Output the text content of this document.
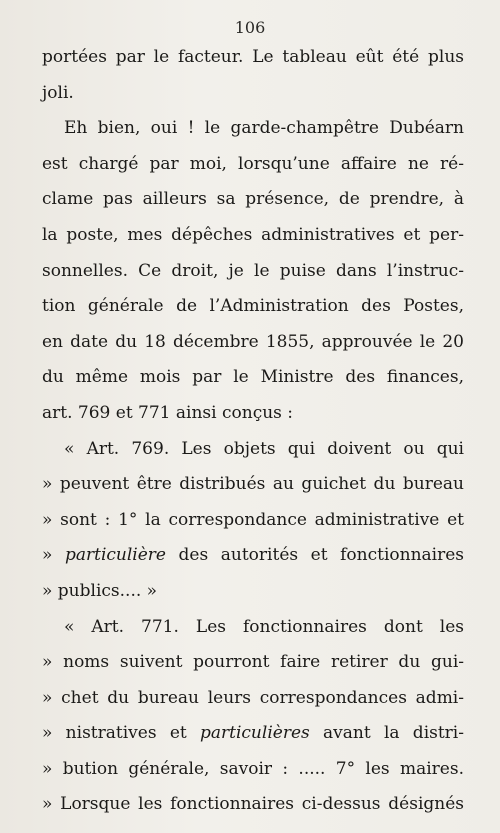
106
portées par le facteur. Le tableau eût été plus
joli.
Eh bien, oui ! le garde-champêtre Dubéarn
est chargé par moi, lorsqu’une affaire ne ré-
clame pas ailleurs sa présence, de prendre, à
la poste, mes dépêches administratives et per-
sonnelles. Ce droit, je le puise dans l’instruc-
tion générale de l’Administration des Postes,
en date du 18 décembre 1855, approuvée le 20
du même mois par le Ministre des finances,
art. 769 et 771 ainsi conçus :
« Art. 769. Les objets qui doivent ou qui
» peuvent être distribués au guichet du bureau
» sont : 1° la correspondance administrative et
» particulière des autorités et fonctionnaires
» publics.... »
« Art. 771. Les fonctionnaires dont les
» noms suivent pourront faire retirer du gui-
» chet du bureau leurs correspondances admi-
» nistratives et particulières avant la distri-
» bution générale, savoir : ..... 7° les maires.
» Lorsque les fonctionnaires ci-dessus désignés
